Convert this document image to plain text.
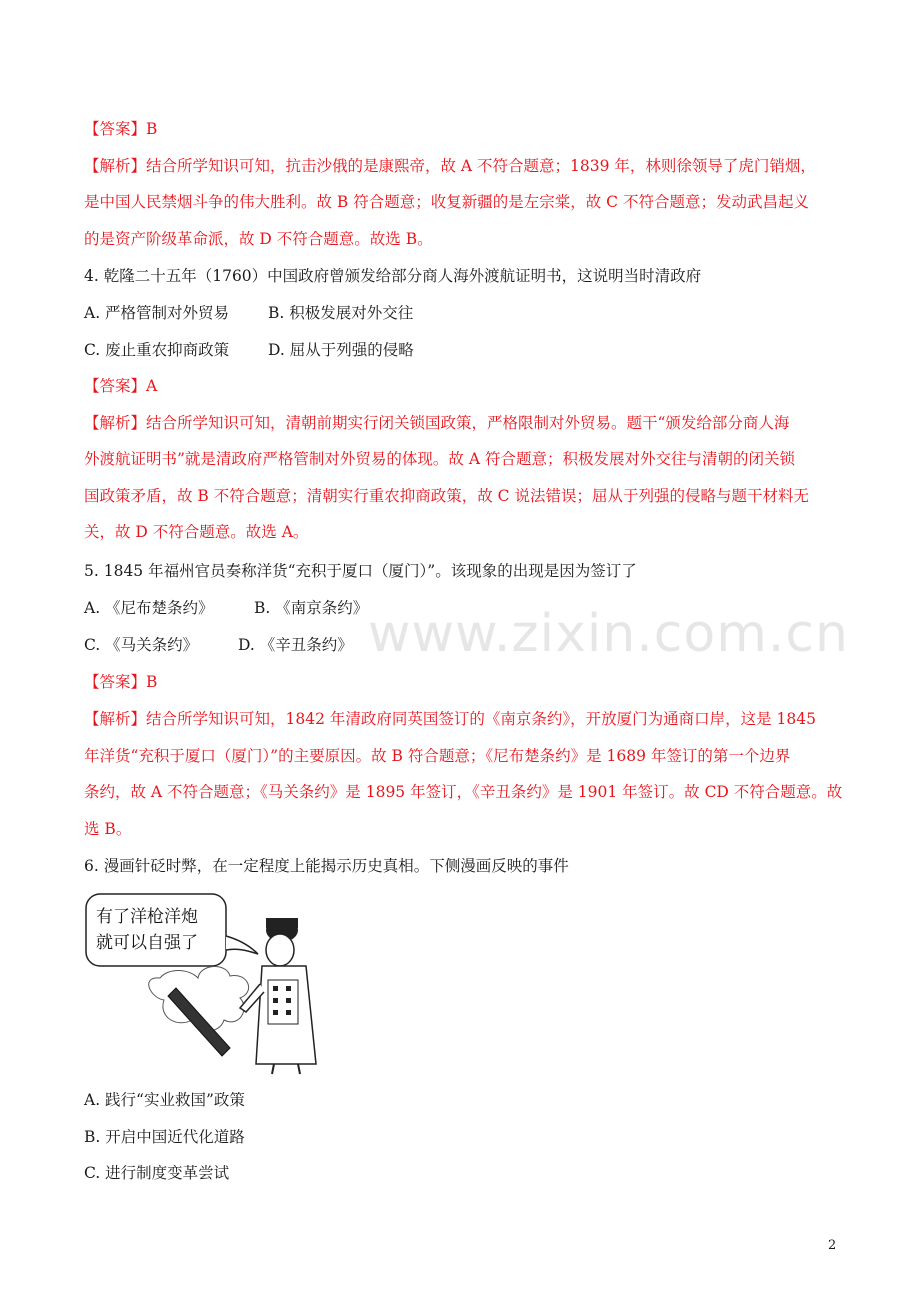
www.zixin.com.cn
【答案】B
【解析】结合所学知识可知，抗击沙俄的是康熙帝，故 A 不符合题意；1839 年，林则徐领导了虎门销烟，
是中国人民禁烟斗争的伟大胜利。故 B 符合题意；收复新疆的是左宗棠，故 C 不符合题意；发动武昌起义
的是资产阶级革命派，故 D 不符合题意。故选 B。
4. 乾隆二十五年（1760）中国政府曾颁发给部分商人海外渡航证明书，这说明当时清政府
A. 严格管制对外贸易	B. 积极发展对外交往
C. 废止重农抑商政策	D. 屈从于列强的侵略
【答案】A
【解析】结合所学知识可知，清朝前期实行闭关锁国政策，严格限制对外贸易。题干“颁发给部分商人海
外渡航证明书”就是清政府严格管制对外贸易的体现。故 A 符合题意；积极发展对外交往与清朝的闭关锁
国政策矛盾，故 B 不符合题意；清朝实行重农抑商政策，故 C 说法错误；屈从于列强的侵略与题干材料无
关，故 D 不符合题意。故选 A。
5. 1845 年福州官员奏称洋货“充积于厦口（厦门）”。该现象的出现是因为签订了
A. 《尼布楚条约》	B. 《南京条约》
C. 《马关条约》	D. 《辛丑条约》
【答案】B
【解析】结合所学知识可知，1842 年清政府同英国签订的《南京条约》，开放厦门为通商口岸，这是 1845
年洋货“充积于厦口（厦门）”的主要原因。故 B 符合题意；《尼布楚条约》是 1689 年签订的第一个边界
条约，故 A 不符合题意；《马关条约》是 1895 年签订，《辛丑条约》是 1901 年签订。故 CD 不符合题意。故
选 B。
6. 漫画针砭时弊，在一定程度上能揭示历史真相。下侧漫画反映的事件
有了洋枪洋炮
就可以自强了
A. 践行“实业救国”政策
B. 开启中国近代化道路
C. 进行制度变革尝试
2
